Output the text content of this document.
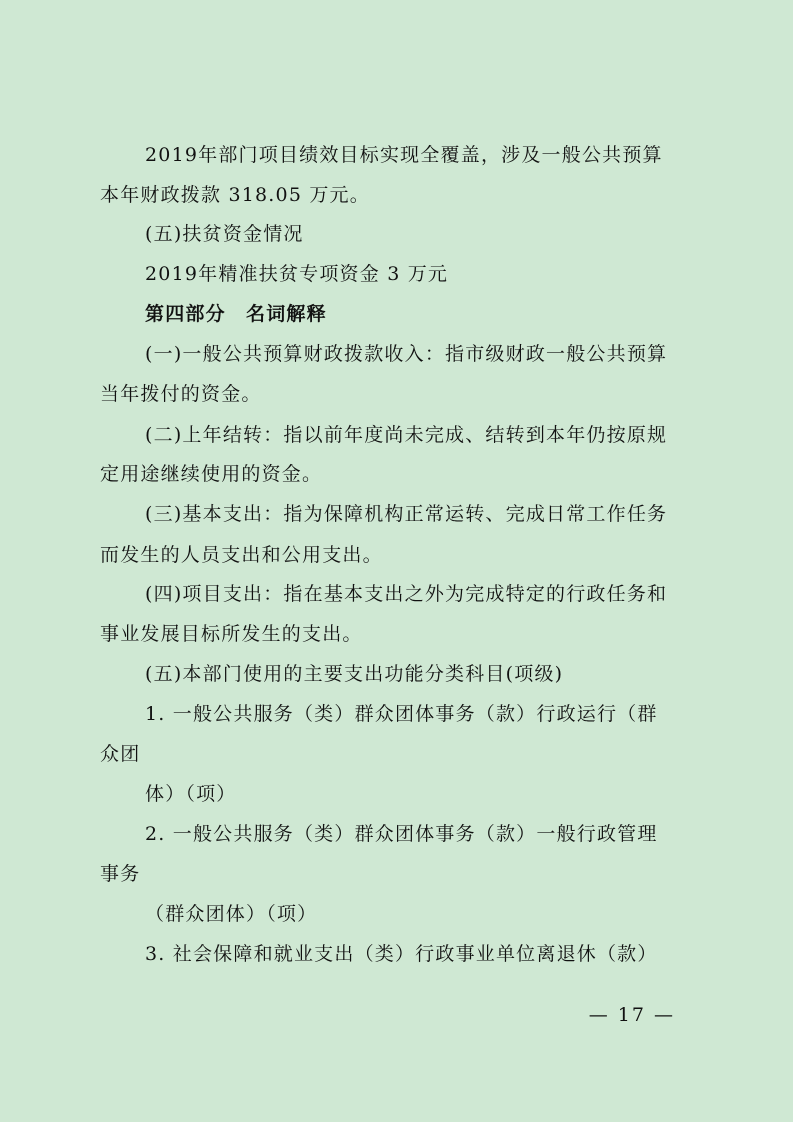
2019年部门项目绩效目标实现全覆盖，涉及一般公共预算
本年财政拨款 318.05 万元。
(五)扶贫资金情况
2019年精准扶贫专项资金 3 万元
第四部分　名词解释
(一)一般公共预算财政拨款收入：指市级财政一般公共预算
当年拨付的资金。
(二)上年结转：指以前年度尚未完成、结转到本年仍按原规
定用途继续使用的资金。
(三)基本支出：指为保障机构正常运转、完成日常工作任务
而发生的人员支出和公用支出。
(四)项目支出：指在基本支出之外为完成特定的行政任务和
事业发展目标所发生的支出。
(五)本部门使用的主要支出功能分类科目(项级)
1. 一般公共服务（类）群众团体事务（款）行政运行（群
众团
体）（项）
2. 一般公共服务（类）群众团体事务（款）一般行政管理
事务
（群众团体）（项）
3. 社会保障和就业支出（类）行政事业单位离退休（款）
— 17 —
